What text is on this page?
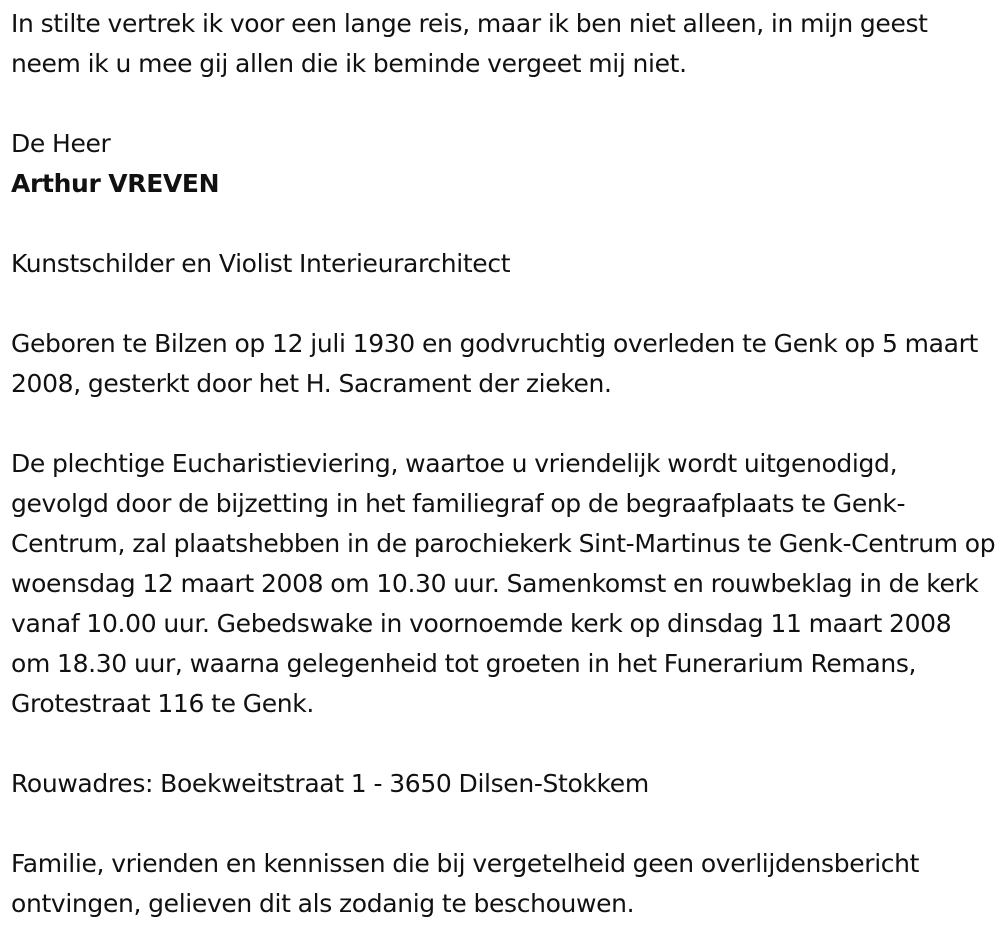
In stilte vertrek ik voor een lange reis, maar ik ben niet alleen, in mijn geest neem ik u mee gij allen die ik beminde vergeet mij niet.

De Heer

Arthur VREVEN

Kunstschilder en Violist Interieurarchitect

Geboren te Bilzen op 12 juli 1930 en godvruchtig overleden te Genk op 5 maart 2008, gesterkt door het H. Sacrament der zieken.

De plechtige Eucharistieviering, waartoe u vriendelijk wordt uitgenodigd, gevolgd door de bijzetting in het familiegraf op de begraafplaats te Genk-Centrum, zal plaatshebben in de parochiekerk Sint-Martinus te Genk-Centrum op woensdag 12 maart 2008 om 10.30 uur. Samenkomst en rouwbeklag in de kerk vanaf 10.00 uur. Gebedswake in voornoemde kerk op dinsdag 11 maart 2008 om 18.30 uur, waarna gelegenheid tot groeten in het Funerarium Remans, Grotestraat 116 te Genk.

Rouwadres: Boekweitstraat 1 - 3650 Dilsen-Stokkem

Familie, vrienden en kennissen die bij vergetelheid geen overlijdensbericht ontvingen, gelieven dit als zodanig te beschouwen.
